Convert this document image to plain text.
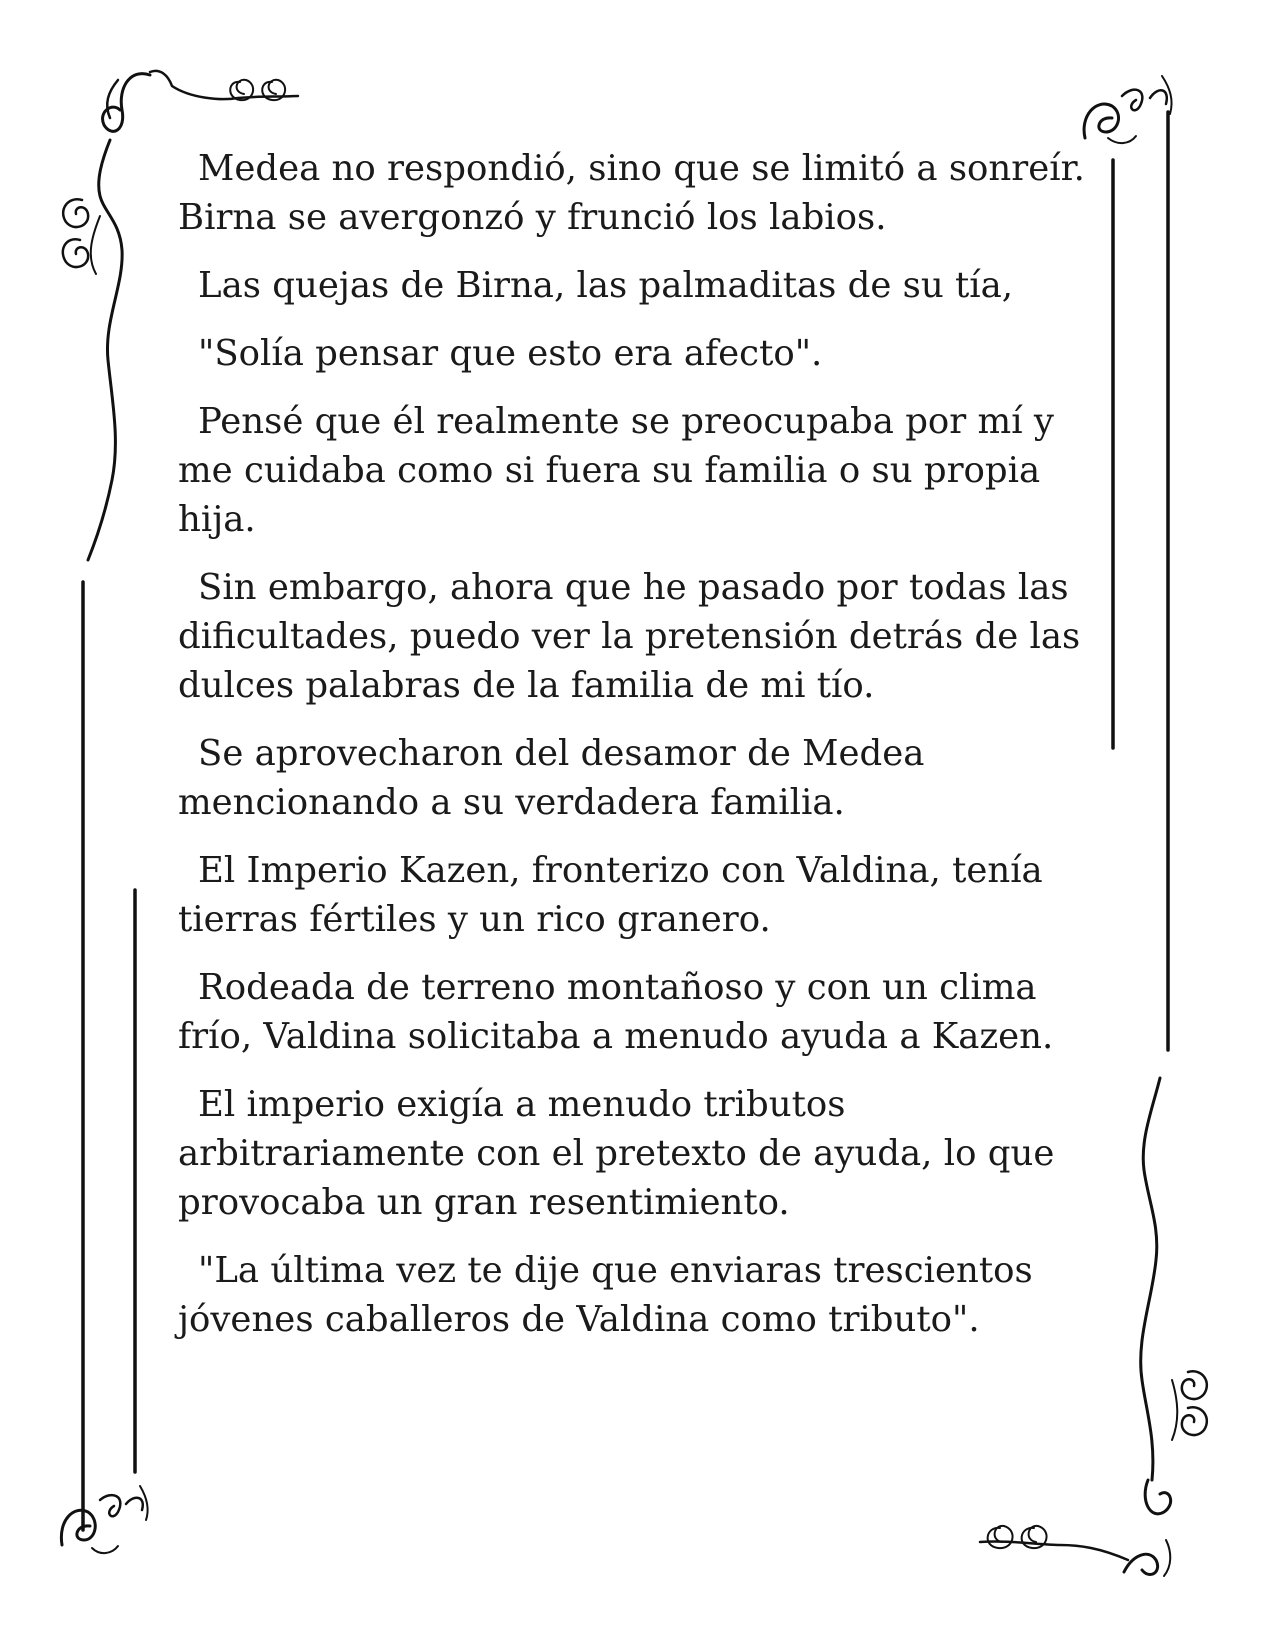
Medea no respondió, sino que se limitó a sonreír. Birna se avergonzó y frunció los labios.

Las quejas de Birna, las palmaditas de su tía,

"Solía pensar que esto era afecto".

Pensé que él realmente se preocupaba por mí y me cuidaba como si fuera su familia o su propia hija.

Sin embargo, ahora que he pasado por todas las dificultades, puedo ver la pretensión detrás de las dulces palabras de la familia de mi tío.

Se aprovecharon del desamor de Medea mencionando a su verdadera familia.

El Imperio Kazen, fronterizo con Valdina, tenía tierras fértiles y un rico granero.

Rodeada de terreno montañoso y con un clima frío, Valdina solicitaba a menudo ayuda a Kazen.

El imperio exigía a menudo tributos arbitrariamente con el pretexto de ayuda, lo que provocaba un gran resentimiento.

"La última vez te dije que enviaras trescientos jóvenes caballeros de Valdina como tributo".
